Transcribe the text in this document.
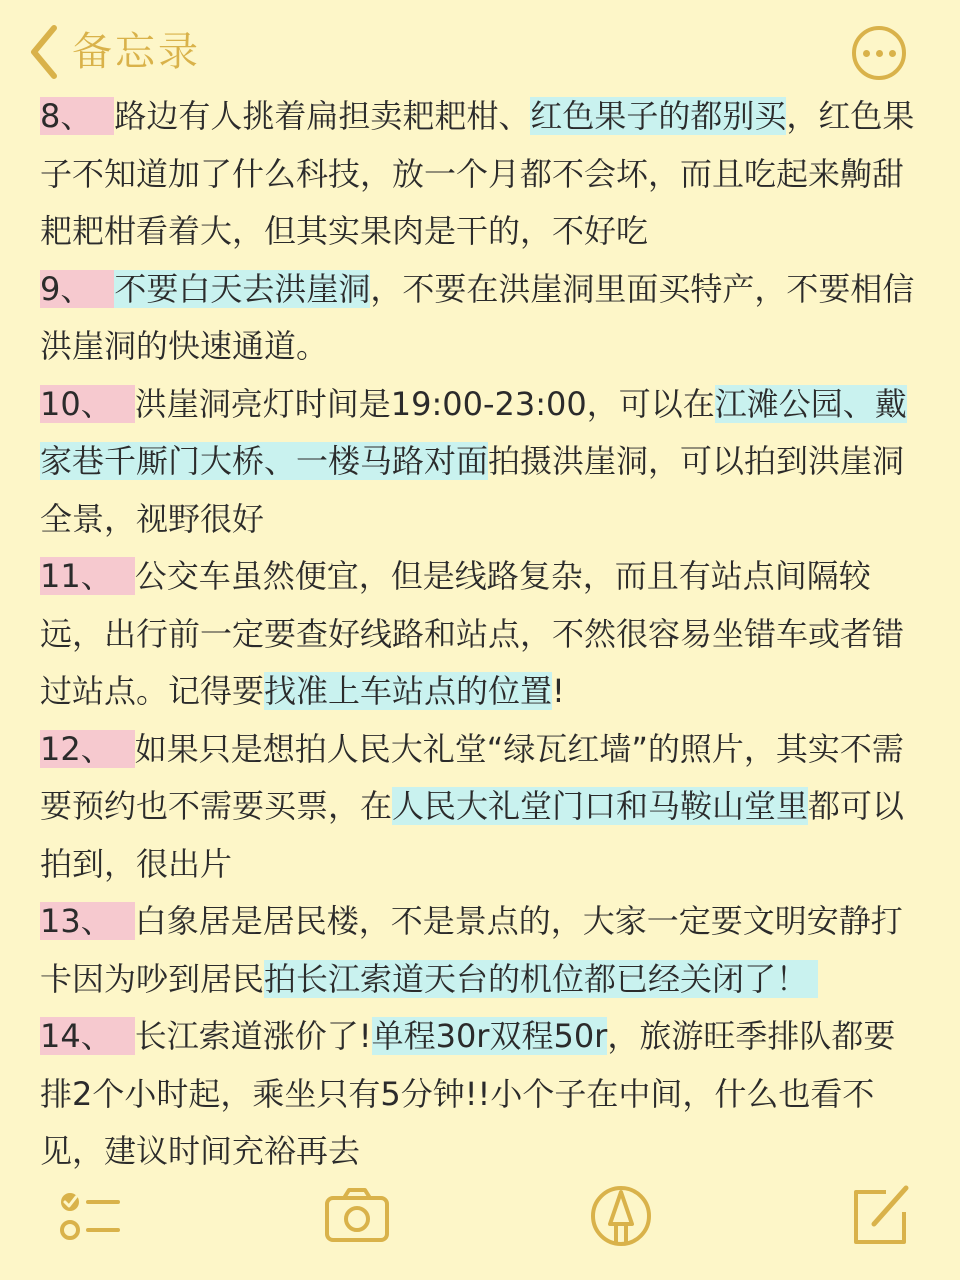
备忘录

8、 路边有人挑着扁担卖耙耙柑、红色果子的都别买，红色果子不知道加了什么科技，放一个月都不会坏，而且吃起来齁甜耙耙柑看着大，但其实果肉是干的，不好吃

9、 不要白天去洪崖洞，不要在洪崖洞里面买特产，不要相信洪崖洞的快速通道。

10、 洪崖洞亮灯时间是19:00-23:00，可以在江滩公园、戴家巷千厮门大桥、一楼马路对面拍摄洪崖洞，可以拍到洪崖洞全景，视野很好

11、 公交车虽然便宜，但是线路复杂，而且有站点间隔较远，出行前一定要查好线路和站点，不然很容易坐错车或者错过站点。记得要找准上车站点的位置!

12、 如果只是想拍人民大礼堂“绿瓦红墙”的照片，其实不需要预约也不需要买票，在人民大礼堂门口和马鞍山堂里都可以拍到，很出片

13、 白象居是居民楼，不是景点的，大家一定要文明安静打卡因为吵到居民拍长江索道天台的机位都已经关闭了！

14、 长江索道涨价了!单程30r双程50r，旅游旺季排队都要排2个小时起，乘坐只有5分钟!!小个子在中间，什么也看不见，建议时间充裕再去
